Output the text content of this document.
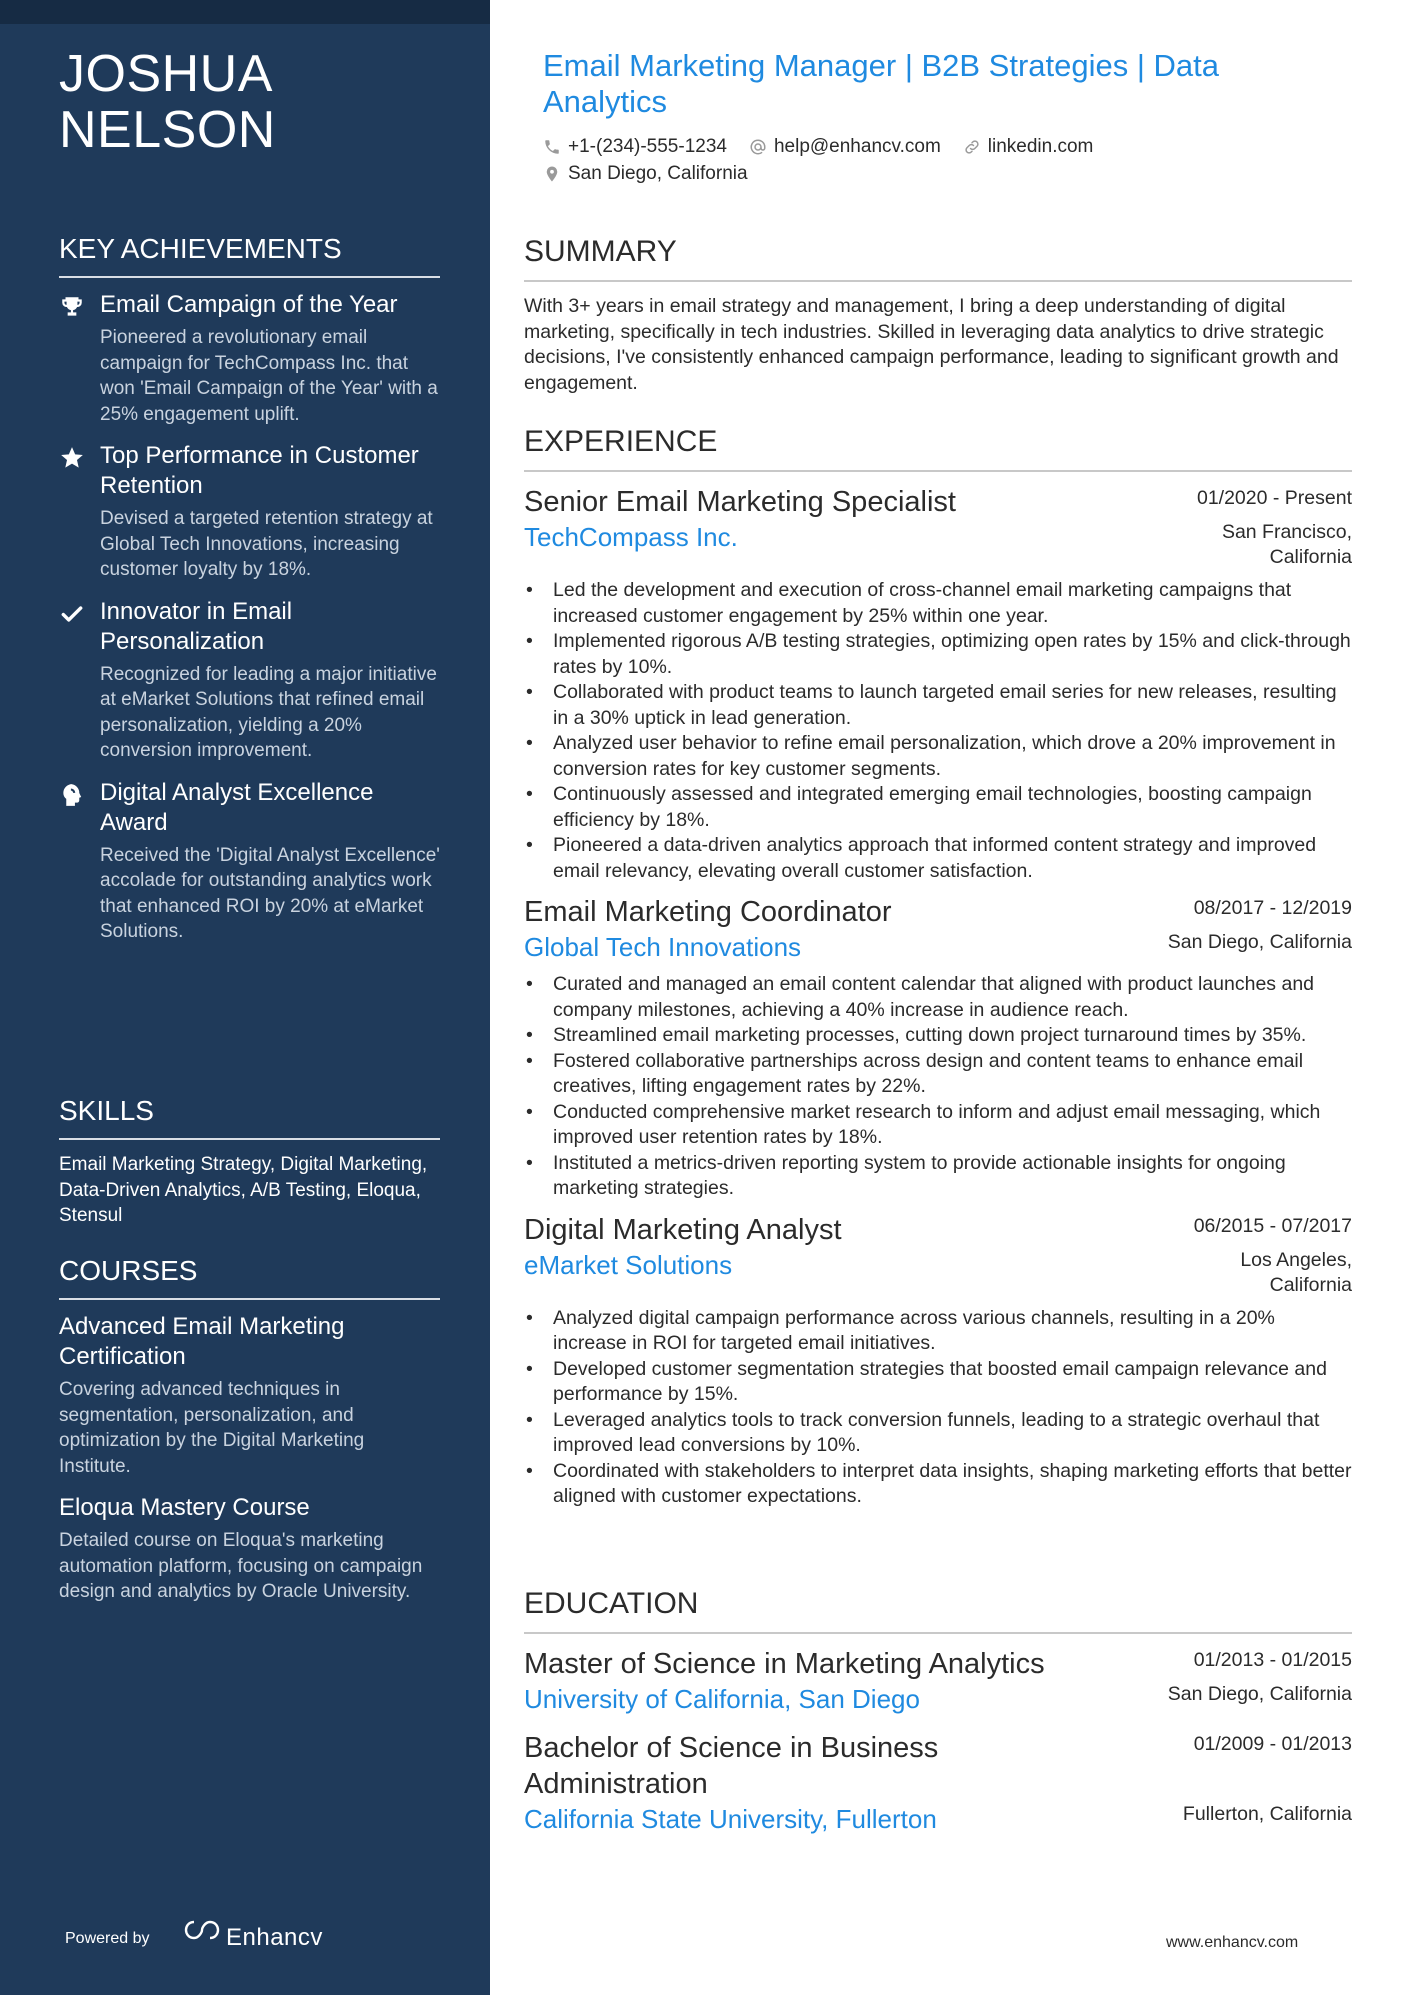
JOSHUA NELSON
KEY ACHIEVEMENTS
Email Campaign of the Year
Pioneered a revolutionary email campaign for TechCompass Inc. that won 'Email Campaign of the Year' with a 25% engagement uplift.
Top Performance in Customer Retention
Devised a targeted retention strategy at Global Tech Innovations, increasing customer loyalty by 18%.
Innovator in Email Personalization
Recognized for leading a major initiative at eMarket Solutions that refined email personalization, yielding a 20% conversion improvement.
Digital Analyst Excellence Award
Received the 'Digital Analyst Excellence' accolade for outstanding analytics work that enhanced ROI by 20% at eMarket Solutions.
SKILLS
Email Marketing Strategy, Digital Marketing, Data-Driven Analytics, A/B Testing, Eloqua, Stensul
COURSES
Advanced Email Marketing Certification
Covering advanced techniques in segmentation, personalization, and optimization by the Digital Marketing Institute.
Eloqua Mastery Course
Detailed course on Eloqua's marketing automation platform, focusing on campaign design and analytics by Oracle University.
Powered by	Enhancv
Email Marketing Manager | B2B Strategies | Data Analytics
+1-(234)-555-1234 help@enhancv.com linkedin.com
San Diego, California
SUMMARY
With 3+ years in email strategy and management, I bring a deep understanding of digital marketing, specifically in tech industries. Skilled in leveraging data analytics to drive strategic decisions, I've consistently enhanced campaign performance, leading to significant growth and engagement.
EXPERIENCE
Senior Email Marketing Specialist	01/2020 - Present
TechCompass Inc.	San Francisco, California
• Led the development and execution of cross-channel email marketing campaigns that increased customer engagement by 25% within one year.
• Implemented rigorous A/B testing strategies, optimizing open rates by 15% and click-through rates by 10%.
• Collaborated with product teams to launch targeted email series for new releases, resulting in a 30% uptick in lead generation.
• Analyzed user behavior to refine email personalization, which drove a 20% improvement in conversion rates for key customer segments.
• Continuously assessed and integrated emerging email technologies, boosting campaign efficiency by 18%.
• Pioneered a data-driven analytics approach that informed content strategy and improved email relevancy, elevating overall customer satisfaction.
Email Marketing Coordinator	08/2017 - 12/2019
Global Tech Innovations	San Diego, California
• Curated and managed an email content calendar that aligned with product launches and company milestones, achieving a 40% increase in audience reach.
• Streamlined email marketing processes, cutting down project turnaround times by 35%.
• Fostered collaborative partnerships across design and content teams to enhance email creatives, lifting engagement rates by 22%.
• Conducted comprehensive market research to inform and adjust email messaging, which improved user retention rates by 18%.
• Instituted a metrics-driven reporting system to provide actionable insights for ongoing marketing strategies.
Digital Marketing Analyst	06/2015 - 07/2017
eMarket Solutions	Los Angeles, California
• Analyzed digital campaign performance across various channels, resulting in a 20% increase in ROI for targeted email initiatives.
• Developed customer segmentation strategies that boosted email campaign relevance and performance by 15%.
• Leveraged analytics tools to track conversion funnels, leading to a strategic overhaul that improved lead conversions by 10%.
• Coordinated with stakeholders to interpret data insights, shaping marketing efforts that better aligned with customer expectations.
EDUCATION
Master of Science in Marketing Analytics	01/2013 - 01/2015
University of California, San Diego	San Diego, California
Bachelor of Science in Business Administration
01/2009 - 01/2013
California State University, Fullerton	Fullerton, California
www.enhancv.com
